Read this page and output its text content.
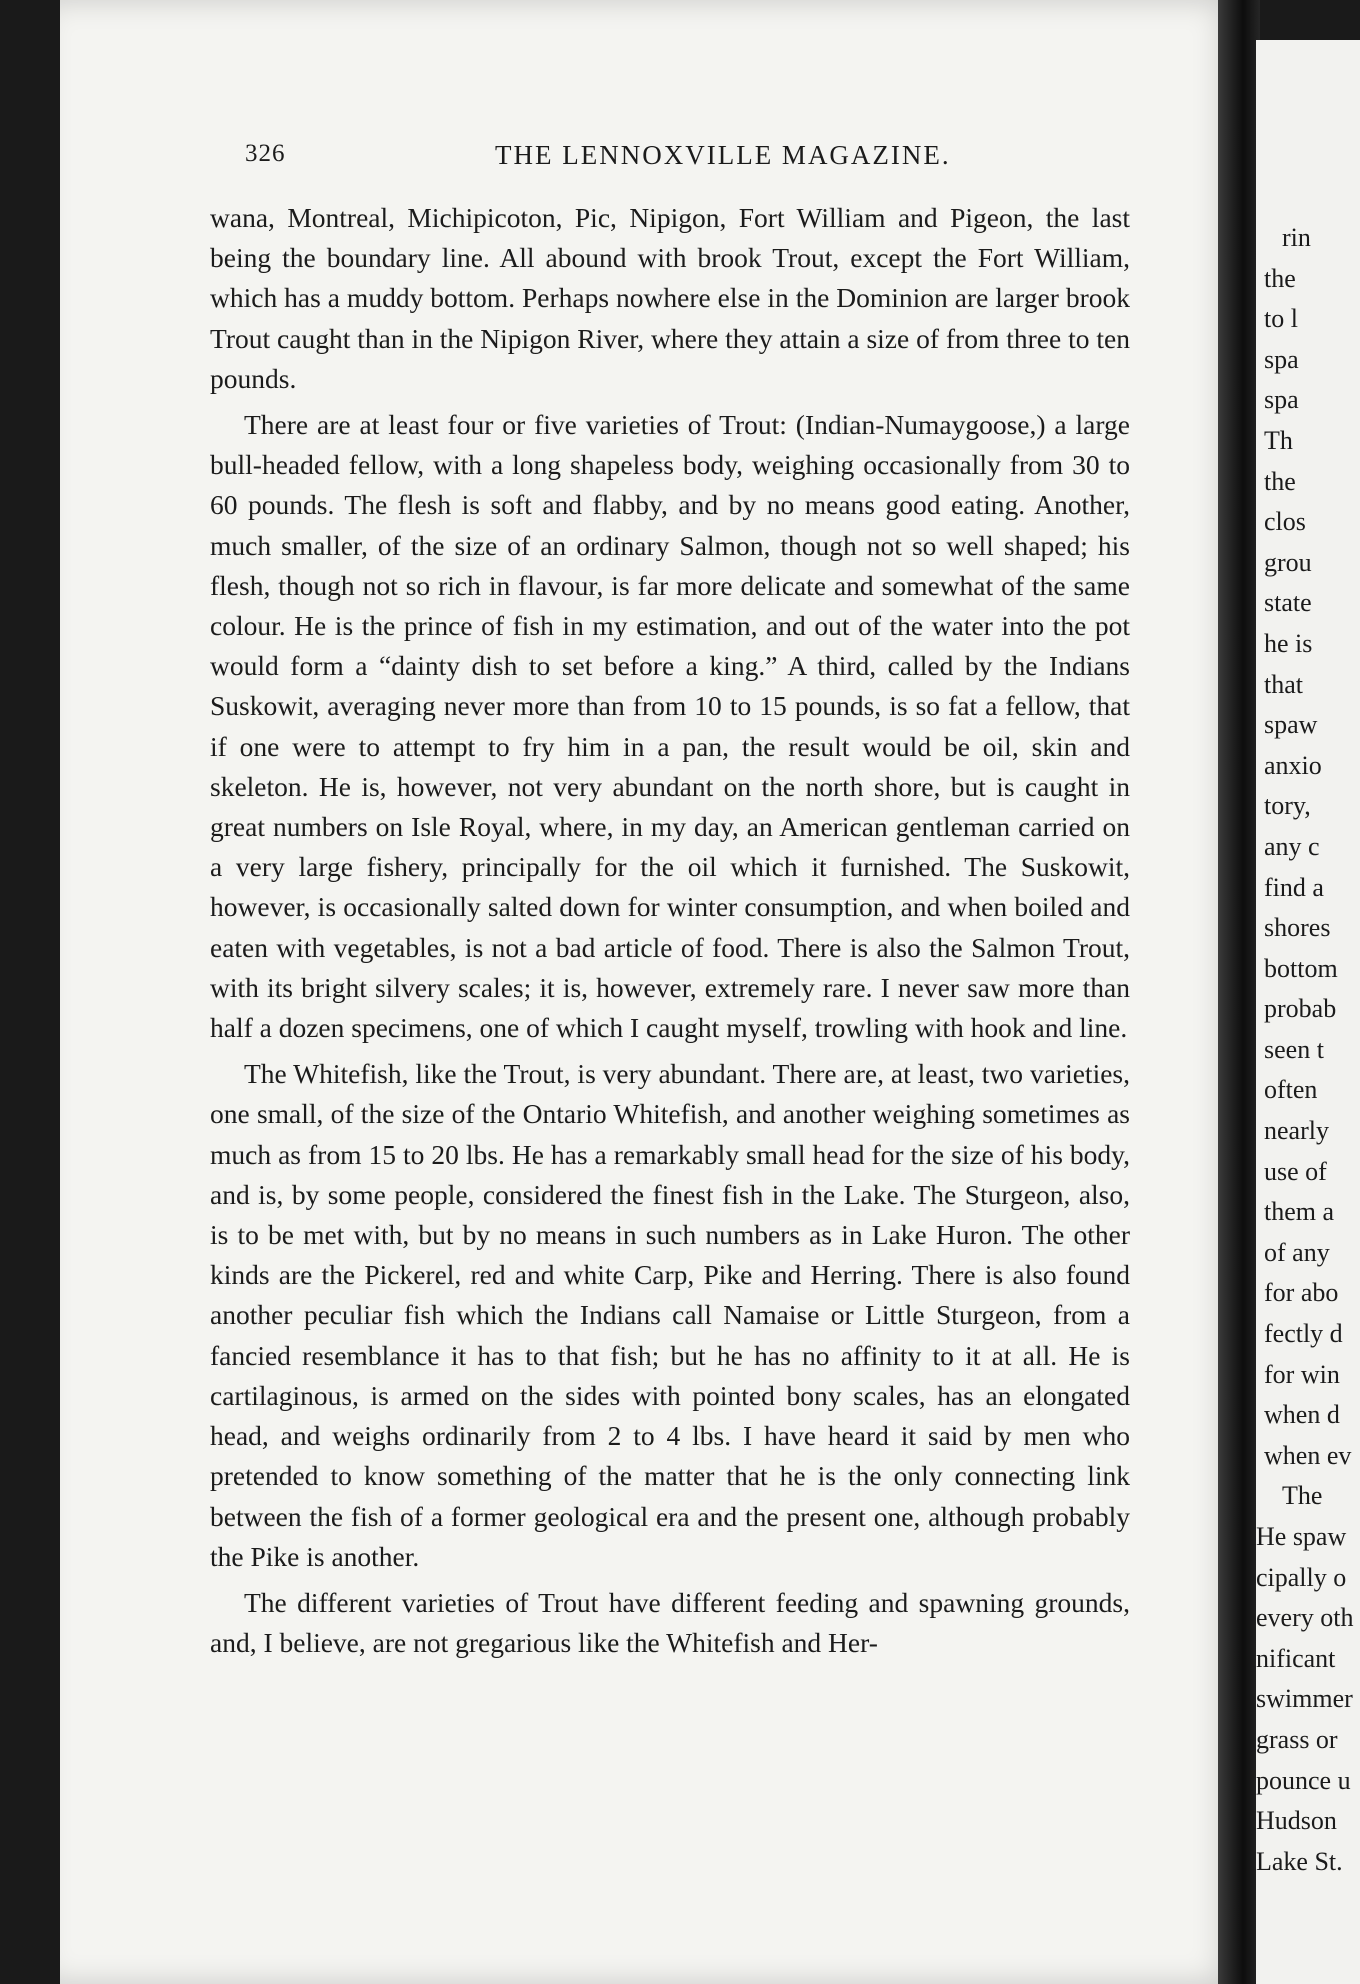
326	THE LENNOXVILLE MAGAZINE.

wana, Montreal, Michipicoton, Pic, Nipigon, Fort William and Pigeon, the last being the boundary line. All abound with brook Trout, except the Fort William, which has a muddy bottom. Perhaps nowhere else in the Dominion are larger brook Trout caught than in the Nipigon River, where they attain a size of from three to ten pounds.

There are at least four or five varieties of Trout: (Indian-Numaygoose,) a large bull-headed fellow, with a long shapeless body, weighing occasionally from 30 to 60 pounds. The flesh is soft and flabby, and by no means good eating. Another, much smaller, of the size of an ordinary Salmon, though not so well shaped; his flesh, though not so rich in flavour, is far more delicate and somewhat of the same colour. He is the prince of fish in my estimation, and out of the water into the pot would form a “dainty dish to set before a king.” A third, called by the Indians Suskowit, averaging never more than from 10 to 15 pounds, is so fat a fellow, that if one were to attempt to fry him in a pan, the result would be oil, skin and skeleton. He is, however, not very abundant on the north shore, but is caught in great numbers on Isle Royal, where, in my day, an American gentleman carried on a very large fishery, principally for the oil which it furnished. The Suskowit, however, is occasionally salted down for winter consumption, and when boiled and eaten with vegetables, is not a bad article of food. There is also the Salmon Trout, with its bright silvery scales; it is, however, extremely rare. I never saw more than half a dozen specimens, one of which I caught myself, trowling with hook and line.

The Whitefish, like the Trout, is very abundant. There are, at least, two varieties, one small, of the size of the Ontario Whitefish, and another weighing sometimes as much as from 15 to 20 lbs. He has a remarkably small head for the size of his body, and is, by some people, considered the finest fish in the Lake. The Sturgeon, also, is to be met with, but by no means in such numbers as in Lake Huron. The other kinds are the Pickerel, red and white Carp, Pike and Herring. There is also found another peculiar fish which the Indians call Namaise or Little Sturgeon, from a fancied resemblance it has to that fish; but he has no affinity to it at all. He is cartilaginous, is armed on the sides with pointed bony scales, has an elongated head, and weighs ordinarily from 2 to 4 lbs. I have heard it said by men who pretended to know something of the matter that he is the only connecting link between the fish of a former geological era and the present one, although probably the Pike is another.

The different varieties of Trout have different feeding and spawning grounds, and, I believe, are not gregarious like the Whitefish and Her-

rin
the
to l
spa
spa
Th
the
clos
grou
state
he is
that
spaw
anxio
tory,
any c
find a
shores
bottom
probab
seen t
often
nearly
use of
them a
of any
for abo
fectly d
for win
when d
when ev
The
He spaw
cipally o
every oth
nificant
swimmer
grass or
pounce u
Hudson
Lake St.
